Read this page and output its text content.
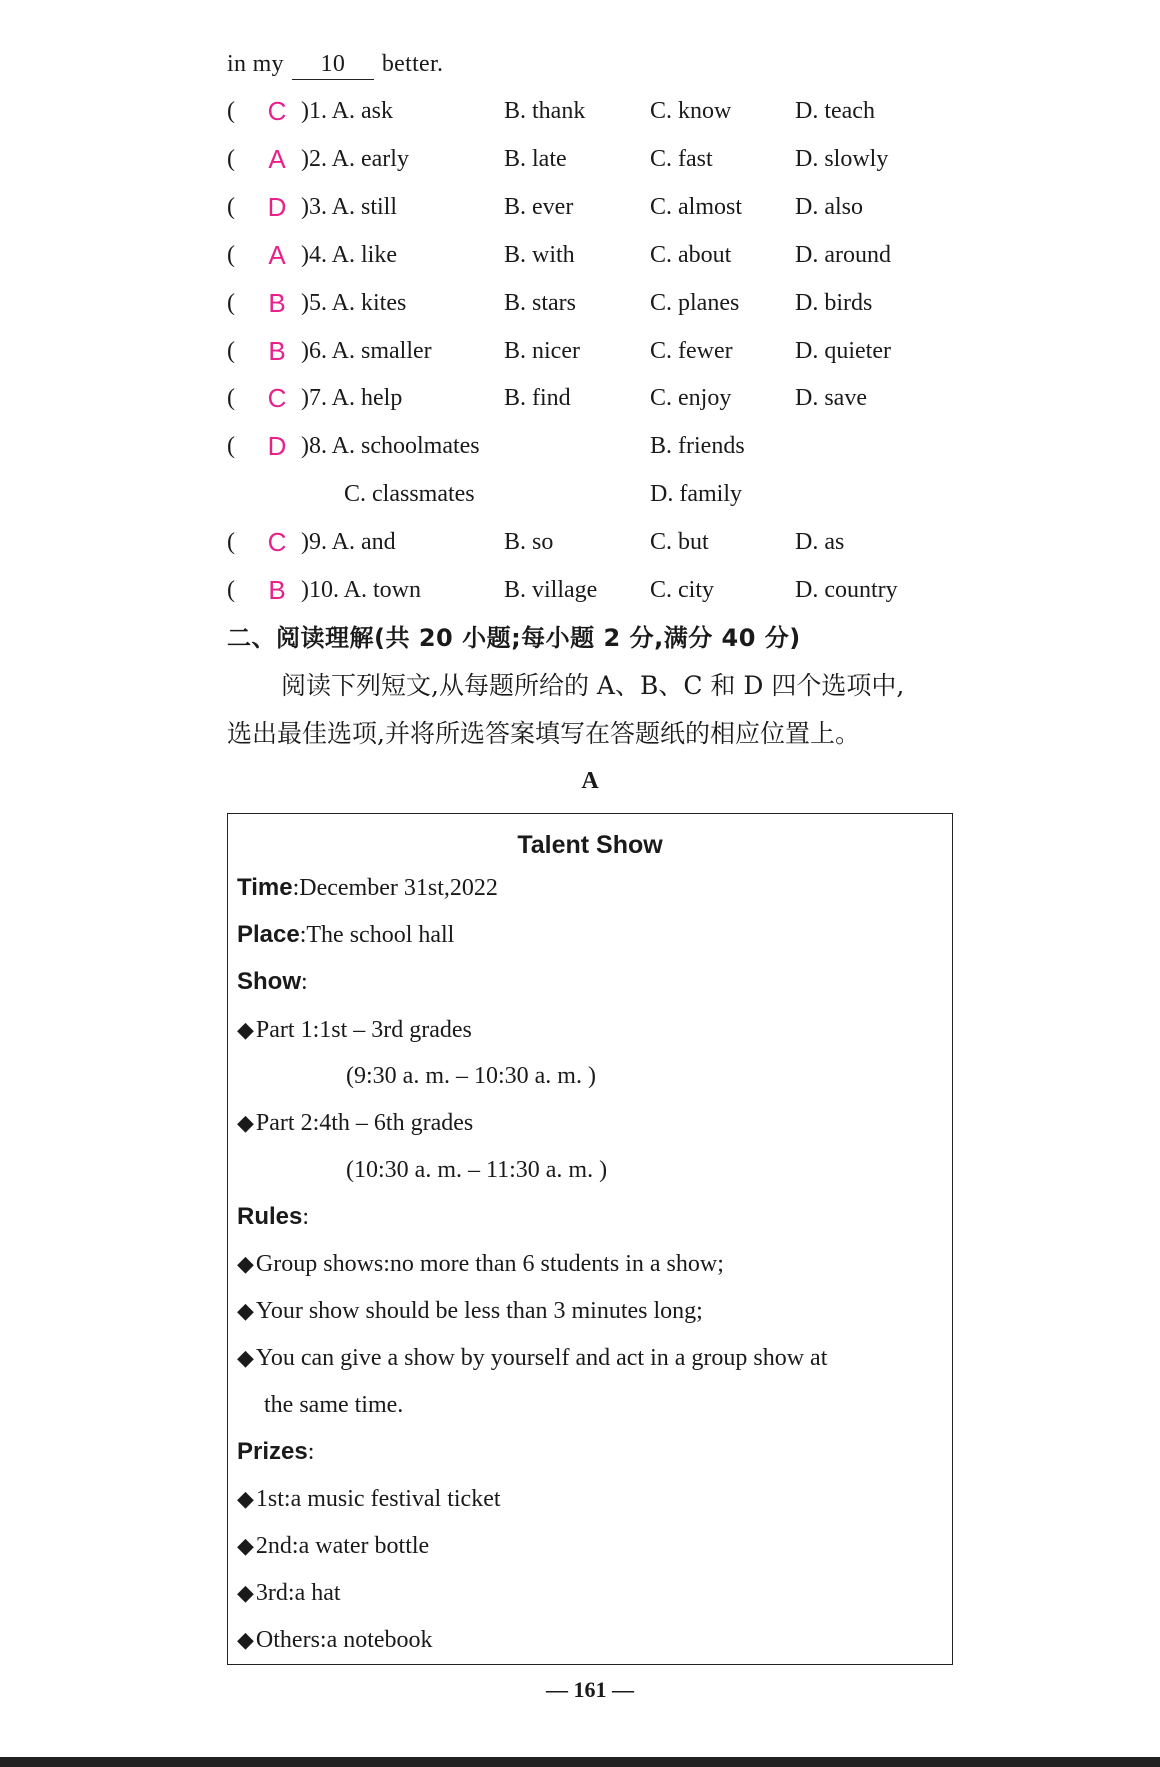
in my 10 better.
( C )1. A. ask	B. thank	C. know	D. teach
( A )2. A. early	B. late	C. fast	D. slowly
( D )3. A. still	B. ever	C. almost D. also
( A )4. A. like	B. with	C. about	D. around
( B )5. A. kites	B. stars	C. planes D. birds
( B )6. A. smaller	B. nicer	C. fewer	D. quieter
( C )7. A. help	B. find	C. enjoy	D. save
( D )8. A. schoolmates	B. friends
C. classmates	D. family
( C )9. A. and	B. so	C. but	D. as
( B )10. A. town	B. village C. city	D. country
二、阅读理解(共 20 小题;每小题 2 分,满分 40 分)
阅读下列短文,从每题所给的 A、B、C 和 D 四个选项中,
选出最佳选项,并将所选答案填写在答题纸的相应位置上。
A
Talent Show
Time:December 31st,2022
Place:The school hall
Show:
◆Part 1:1st – 3rd grades
(9:30 a. m. – 10:30 a. m. )
◆Part 2:4th – 6th grades
(10:30 a. m. – 11:30 a. m. )
Rules:
◆Group shows:no more than 6 students in a show;
◆Your show should be less than 3 minutes long;
◆You can give a show by yourself and act in a group show at
the same time.
Prizes:
◆1st:a music festival ticket
◆2nd:a water bottle
◆3rd:a hat
◆Others:a notebook
— 161 —
